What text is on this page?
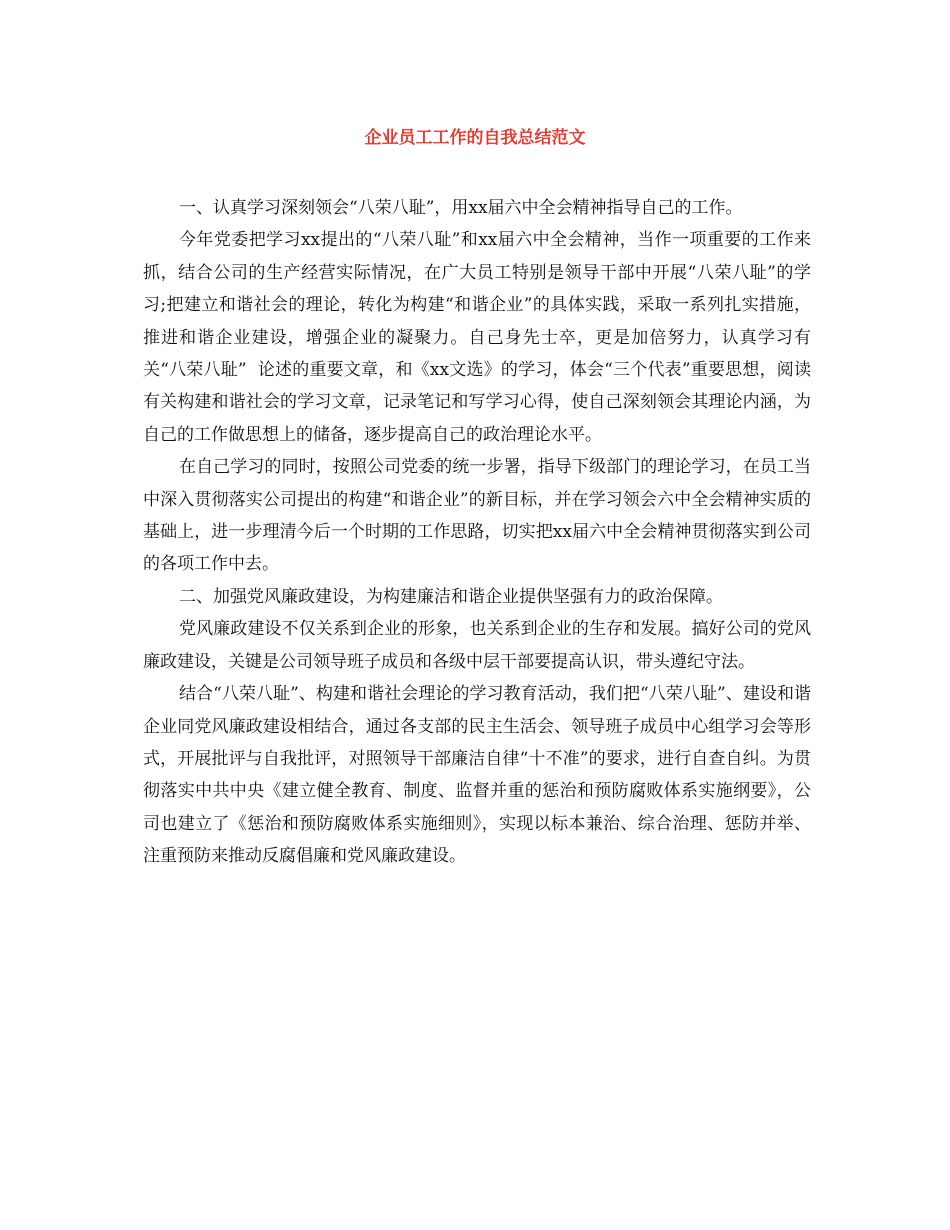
企业员工工作的自我总结范文

一、认真学习深刻领会“八荣八耻”，用xx届六中全会精神指导自己的工作。

今年党委把学习xx提出的“八荣八耻”和xx届六中全会精神，当作一项重要的工作来抓，结合公司的生产经营实际情况，在广大员工特别是领导干部中开展“八荣八耻”的学习;把建立和谐社会的理论，转化为构建“和谐企业”的具体实践，采取一系列扎实措施，推进和谐企业建设，增强企业的凝聚力。自己身先士卒，更是加倍努力，认真学习有关“八荣八耻”  论述的重要文章，和《xx文选》的学习，体会“三个代表”重要思想，阅读有关构建和谐社会的学习文章，记录笔记和写学习心得，使自己深刻领会其理论内涵，为自己的工作做思想上的储备，逐步提高自己的政治理论水平。

在自己学习的同时，按照公司党委的统一步署，指导下级部门的理论学习，在员工当中深入贯彻落实公司提出的构建“和谐企业”的新目标，并在学习领会六中全会精神实质的基础上，进一步理清今后一个时期的工作思路，切实把xx届六中全会精神贯彻落实到公司的各项工作中去。

二、加强党风廉政建设，为构建廉洁和谐企业提供坚强有力的政治保障。

党风廉政建设不仅关系到企业的形象，也关系到企业的生存和发展。搞好公司的党风廉政建设，关键是公司领导班子成员和各级中层干部要提高认识，带头遵纪守法。

结合“八荣八耻”、构建和谐社会理论的学习教育活动，我们把“八荣八耻”、建设和谐企业同党风廉政建设相结合，通过各支部的民主生活会、领导班子成员中心组学习会等形式，开展批评与自我批评，对照领导干部廉洁自律“十不准”的要求，进行自查自纠。为贯彻落实中共中央《建立健全教育、制度、监督并重的惩治和预防腐败体系实施纲要》，公司也建立了《惩治和预防腐败体系实施细则》，实现以标本兼治、综合治理、惩防并举、注重预防来推动反腐倡廉和党风廉政建设。
